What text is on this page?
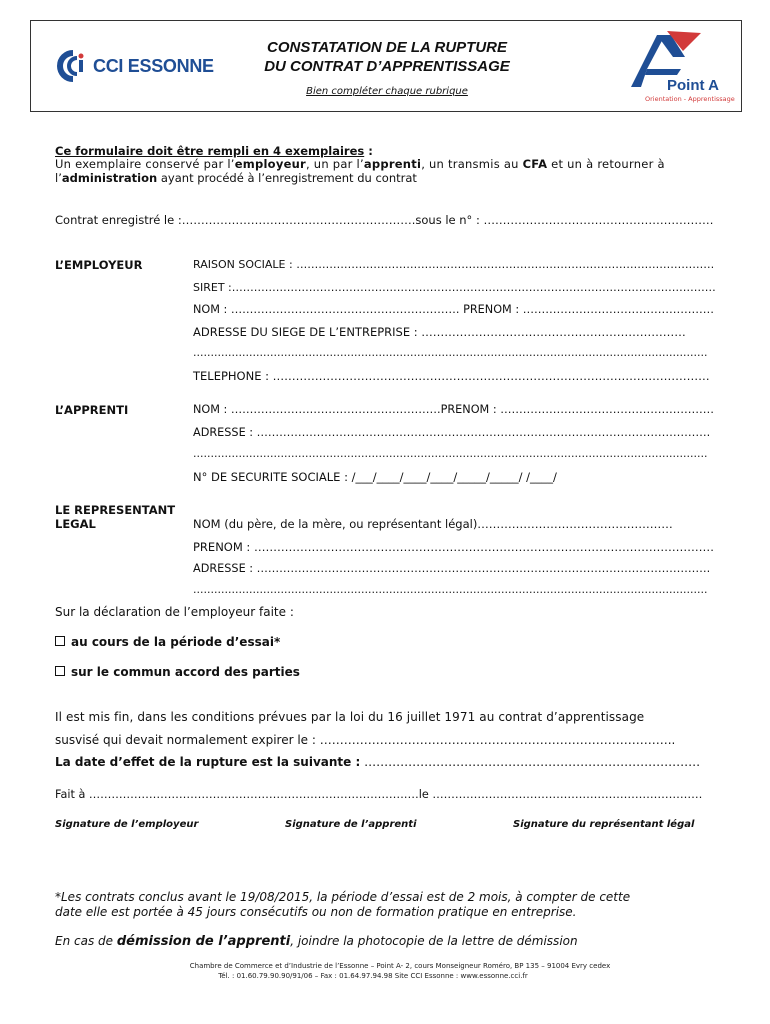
CCI ESSONNE
CONSTATATION DE LA RUPTURE
DU CONTRAT D’APPRENTISSAGE
Bien compléter chaque rubrique	Point A
Orientation - Apprentissage
Ce formulaire doit être rempli en 4 exemplaires :
Un exemplaire conservé par l’employeur, un par l’apprenti, un transmis au CFA et un à retourner à
l’administration ayant procédé à l’enregistrement du contrat
Contrat enregistré le :…………………………………………………….sous le n° : ……………………………………………………
L’EMPLOYEUR	RAISON SOCIALE : ……………………………………………………………………………………………………
SIRET :……………………………………………………………………………………………………………………
NOM : ……………………………………………………. PRENOM : ……………………………………………
ADRESSE DU SIEGE DE L’ENTREPRISE : ……………………………………………………………
…………………………………………………………………………………………………………………………………
TELEPHONE : ……………………………………………………………………………………………………
L’APPRENTI	NOM : ………………….…………………………….PRENOM : …………………………………………………
ADRESSE : ………………………………………………………………………………………………………….
…………………………………………………………………………………………………………………………………
N° DE SECURITE SOCIALE : /___/____/____/____/_____/_____/ /____/
LE REPRESENTANT
LEGAL	NOM (du père, de la mère, ou représentant légal)……………………………………………
PRENOM : …………………………………………………………………………………………………………
ADRESSE : ………………………………………………………………………………………………………….
…………………………………………………………………………………………………………………………………
Sur la déclaration de l’employeur faite :
au cours de la période d’essai*
sur le commun accord des parties
Il est mis fin, dans les conditions prévues par la loi du 16 juillet 1971 au contrat d’apprentissage
susvisé qui devait normalement expirer le : ……………………………………………………………………………..
La date d’effet de la rupture est la suivante : …………………………………………………………………………
Fait à ………………………………………………………………………….…le ………………………………………………………………
Signature de l’employeur	Signature de l’apprenti	Signature du représentant légal
*Les contrats conclus avant le 19/08/2015, la période d’essai est de 2 mois, à compter de cette
date elle est portée à 45 jours consécutifs ou non de formation pratique en entreprise.
En cas de démission de l’apprenti, joindre la photocopie de la lettre de démission
Chambre de Commerce et d’Industrie de l’Essonne – Point A- 2, cours Monseigneur Roméro, BP 135 – 91004 Evry cedex
Tél. : 01.60.79.90.90/91/06 – Fax : 01.64.97.94.98 Site CCI Essonne : www.essonne.cci.fr
